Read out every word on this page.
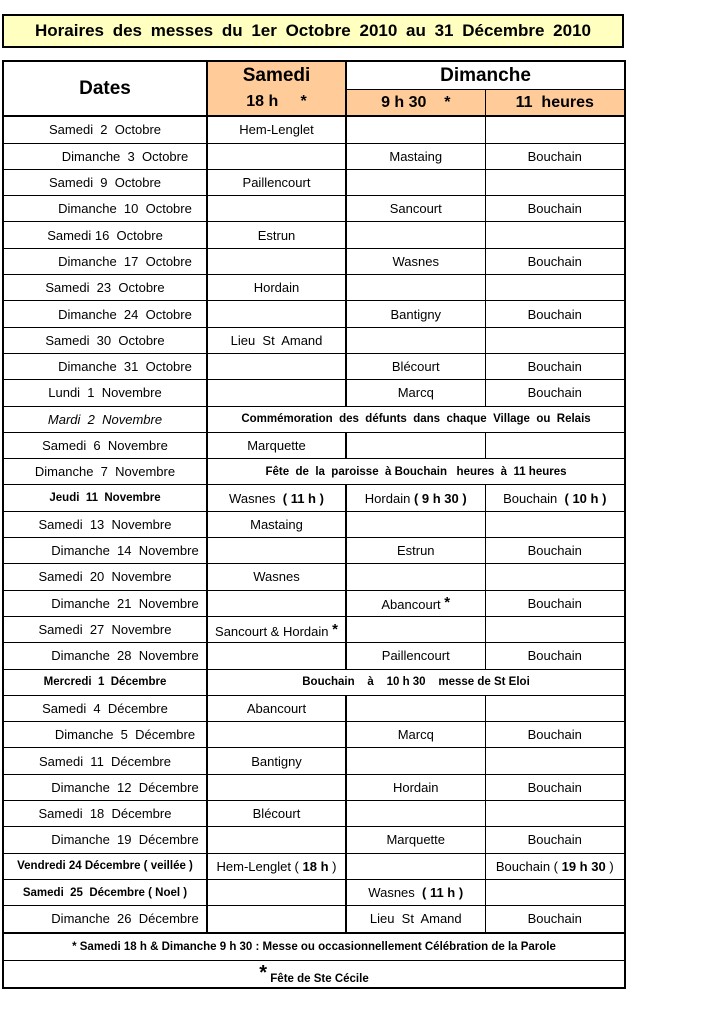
Horaires des messes du 1er Octobre 2010 au 31 Décembre 2010
Dates	Samedi	Dimanche	
	18 h     *	9 h 30    *	11  heures
Samedi  2  Octobre	Hem-Lenglet		
Dimanche  3  Octobre		Mastaing	Bouchain
Samedi  9  Octobre	Paillencourt		
Dimanche  10  Octobre		Sancourt	Bouchain
Samedi 16  Octobre	Estrun		
Dimanche  17  Octobre		Wasnes	Bouchain
Samedi  23  Octobre	Hordain		
Dimanche  24  Octobre		Bantigny	Bouchain
Samedi  30  Octobre	Lieu  St  Amand		
Dimanche  31  Octobre		Blécourt	Bouchain
Lundi  1  Novembre		Marcq	Bouchain
Mardi  2  Novembre	Commémoration  des  défunts  dans  chaque  Village  ou  Relais		
Samedi  6  Novembre	Marquette		
Dimanche  7  Novembre	Fête  de  la  paroisse  à Bouchain   heures  à  11 heures		
Jeudi  11  Novembre	Wasnes  ( 11 h )	Hordain ( 9 h 30 )	Bouchain  ( 10 h )
Samedi  13  Novembre	Mastaing		
Dimanche  14  Novembre		Estrun	Bouchain
Samedi  20  Novembre	Wasnes		
Dimanche  21  Novembre		Abancourt *	Bouchain
Samedi  27  Novembre	Sancourt & Hordain *		
Dimanche  28  Novembre		Paillencourt	Bouchain
Mercredi  1  Décembre	Bouchain    à    10 h 30    messe de St Eloi		
Samedi  4  Décembre	Abancourt		
Dimanche  5  Décembre		Marcq	Bouchain
Samedi  11  Décembre	Bantigny		
Dimanche  12  Décembre		Hordain	Bouchain
Samedi  18  Décembre	Blécourt		
Dimanche  19  Décembre		Marquette	Bouchain
Vendredi 24 Décembre ( veillée )	Hem-Lenglet ( 18 h )		Bouchain ( 19 h 30 )
Samedi  25  Décembre ( Noel )		Wasnes  ( 11 h )	
Dimanche  26  Décembre		Lieu  St  Amand	Bouchain
* Samedi 18 h & Dimanche 9 h 30 : Messe ou occasionnellement Célébration de la Parole			
* Fête de Ste Cécile			
